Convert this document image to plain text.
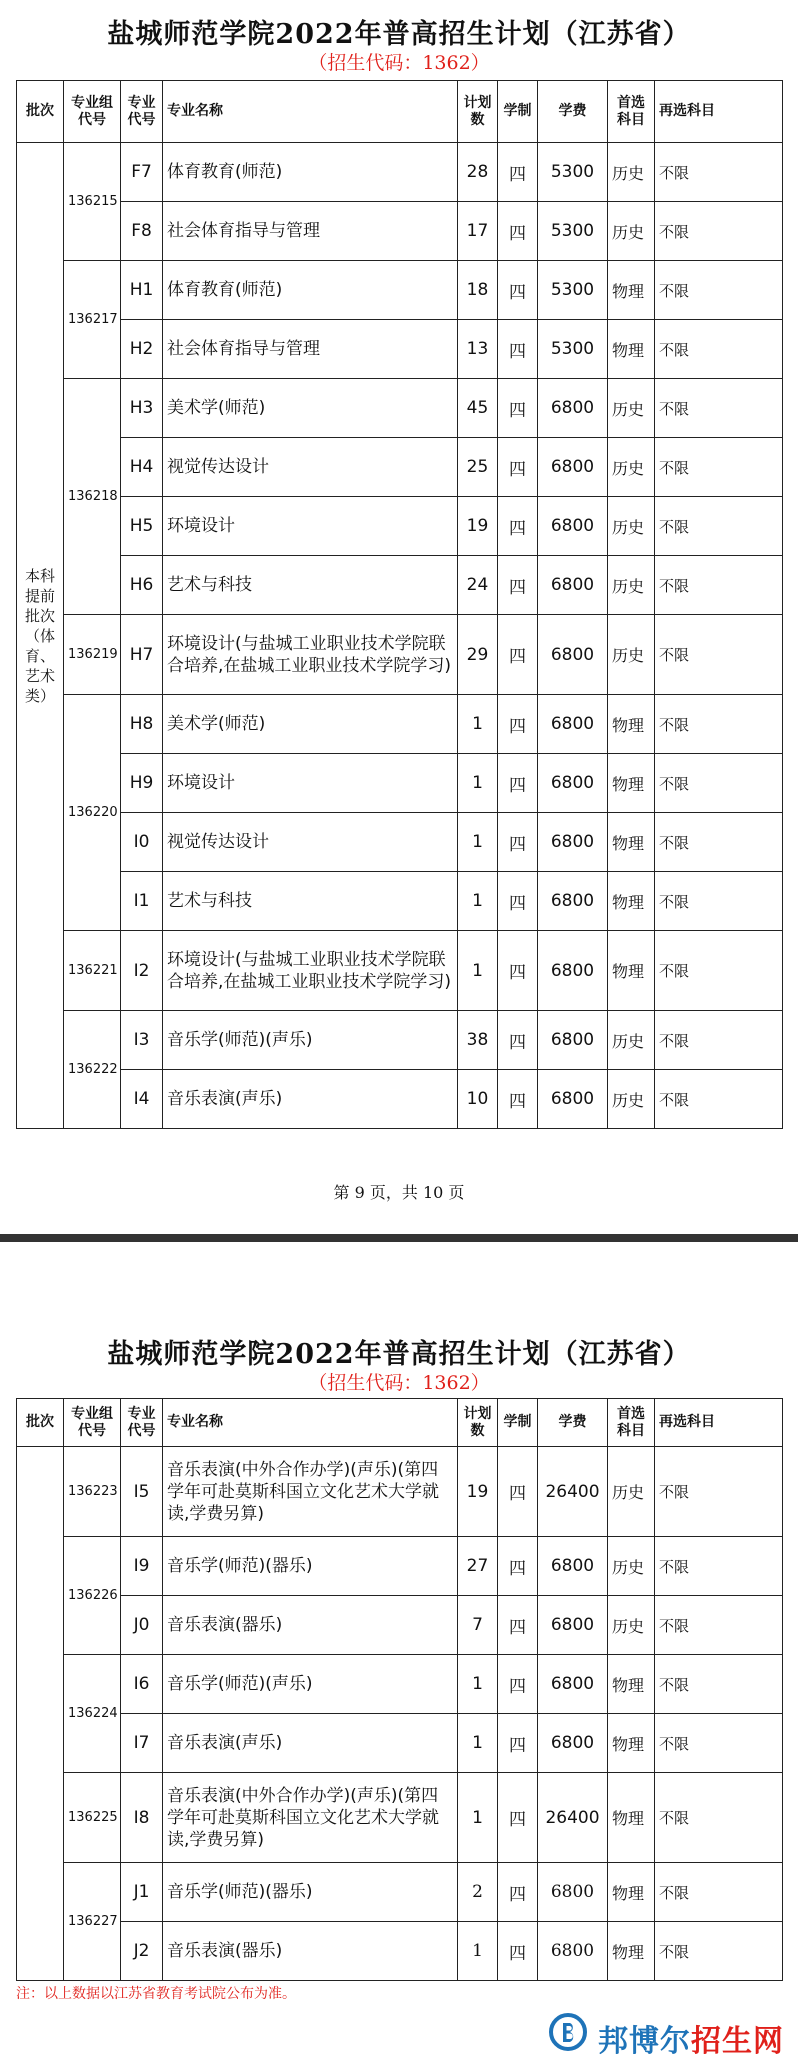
盐城师范学院2022年普高招生计划（江苏省）
（招生代码：1362）
批次	专业组代号	专业代号	专业名称	计划数	学制	学费	首选科目	再选科目
本科提前批次（体育、艺术类）	136215	F7	体育教育(师范)	28	四	5300	历史	不限
		F8	社会体育指导与管理	17	四	5300	历史	不限
	136217	H1	体育教育(师范)	18	四	5300	物理	不限
		H2	社会体育指导与管理	13	四	5300	物理	不限
	136218	H3	美术学(师范)	45	四	6800	历史	不限
		H4	视觉传达设计	25	四	6800	历史	不限
		H5	环境设计	19	四	6800	历史	不限
		H6	艺术与科技	24	四	6800	历史	不限
	136219	H7	环境设计(与盐城工业职业技术学院联合培养,在盐城工业职业技术学院学习)	29	四	6800	历史	不限
	136220	H8	美术学(师范)	1	四	6800	物理	不限
		H9	环境设计	1	四	6800	物理	不限
		I0	视觉传达设计	1	四	6800	物理	不限
		I1	艺术与科技	1	四	6800	物理	不限
	136221	I2	环境设计(与盐城工业职业技术学院联合培养,在盐城工业职业技术学院学习)	1	四	6800	物理	不限
	136222	I3	音乐学(师范)(声乐)	38	四	6800	历史	不限
		I4	音乐表演(声乐)	10	四	6800	历史	不限
第 9 页，共 10 页
盐城师范学院2022年普高招生计划（江苏省）
（招生代码：1362）
批次	专业组代号	专业代号	专业名称	计划数	学制	学费	首选科目	再选科目
	136223	I5	音乐表演(中外合作办学)(声乐)(第四学年可赴莫斯科国立文化艺术大学就读,学费另算)	19	四	26400	历史	不限
	136226	I9	音乐学(师范)(器乐)	27	四	6800	历史	不限
		J0	音乐表演(器乐)	7	四	6800	历史	不限
	136224	I6	音乐学(师范)(声乐)	1	四	6800	物理	不限
		I7	音乐表演(声乐)	1	四	6800	物理	不限
	136225	I8	音乐表演(中外合作办学)(声乐)(第四学年可赴莫斯科国立文化艺术大学就读,学费另算)	1	四	26400	物理	不限
	136227	J1	音乐学(师范)(器乐)	2	四	6800	物理	不限
		J2	音乐表演(器乐)	1	四	6800	物理	不限
注：以上数据以江苏省教育考试院公布为准。
邦博尔招生网
